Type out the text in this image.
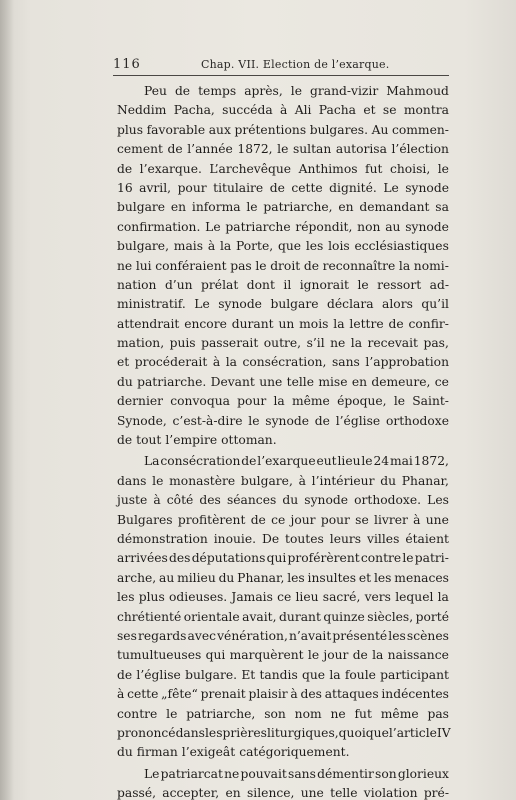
116	Chap. VII. Election de l’exarque.
Peu de temps après, le grand-vizir Mahmoud
Neddim Pacha, succéda à Ali Pacha et se montra
plus favorable aux prétentions bulgares. Au commen-
cement de l’année 1872, le sultan autorisa l’élection
de l’exarque. L’archevêque Anthimos fut choisi, le
16 avril, pour titulaire de cette dignité. Le synode
bulgare en informa le patriarche, en demandant sa
confirmation. Le patriarche répondit, non au synode
bulgare, mais à la Porte, que les lois ecclésiastiques
ne lui conféraient pas le droit de reconnaître la nomi-
nation d’un prélat dont il ignorait le ressort ad-
ministratif. Le synode bulgare déclara alors qu’il
attendrait encore durant un mois la lettre de confir-
mation, puis passerait outre, s’il ne la recevait pas,
et procéderait à la consécration, sans l’approbation
du patriarche. Devant une telle mise en demeure, ce
dernier convoqua pour la même époque, le Saint-
Synode, c’est-à-dire le synode de l’église orthodoxe
de tout l’empire ottoman.
La consécration de l’exarque eut lieu le 24 mai 1872,
dans le monastère bulgare, à l’intérieur du Phanar,
juste à côté des séances du synode orthodoxe. Les
Bulgares profitèrent de ce jour pour se livrer à une
démonstration inouie. De toutes leurs villes étaient
arrivées des députations qui proférèrent contre le patri-
arche, au milieu du Phanar, les insultes et les menaces
les plus odieuses. Jamais ce lieu sacré, vers lequel la
chrétienté orientale avait, durant quinze siècles, porté
ses regards avec vénération, n’avait présenté les scènes
tumultueuses qui marquèrent le jour de la naissance
de l’église bulgare. Et tandis que la foule participant
à cette „fête“ prenait plaisir à des attaques indécentes
contre le patriarche, son nom ne fut même pas
prononcé dans les prières liturgiques, quoique l’article IV
du firman l’exigeât catégoriquement.
Le patriarcat ne pouvait sans démentir son glorieux
passé, accepter, en silence, une telle violation pré-
